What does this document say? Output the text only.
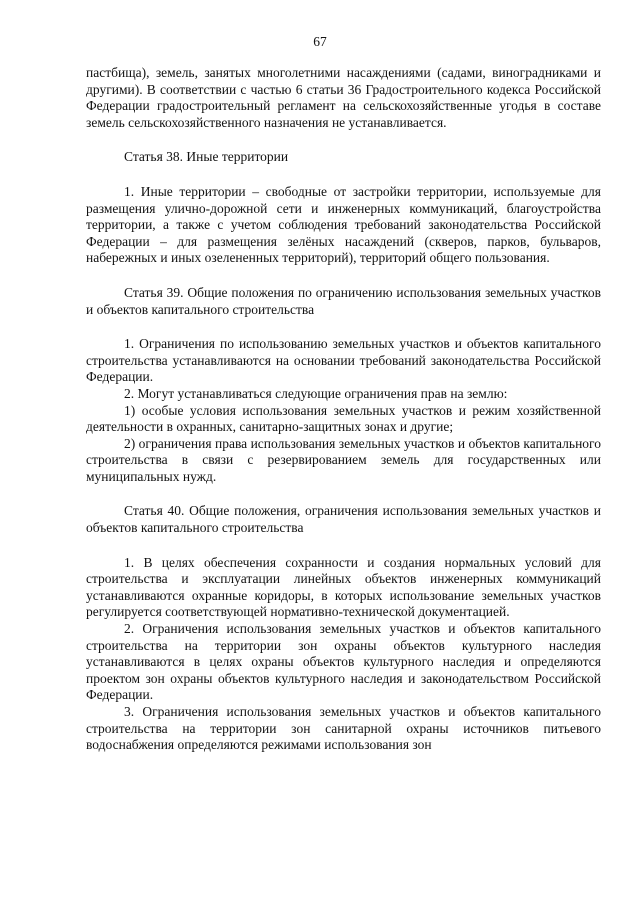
67

пастбища), земель, занятых многолетними насаждениями (садами, виноградниками и другими). В соответствии с частью 6 статьи 36 Градостроительного кодекса Российской Федерации градостроительный регламент на сельскохозяйственные угодья в составе земель сельскохозяйственного назначения не устанавливается.

Статья 38. Иные территории

1. Иные территории – свободные от застройки территории, используемые для размещения улично-дорожной сети и инженерных коммуникаций, благоустройства территории, а также с учетом соблюдения требований законодательства Российской Федерации – для размещения зелёных насаждений (скверов, парков, бульваров, набережных и иных озелененных территорий), территорий общего пользования.

Статья 39. Общие положения по ограничению использования земельных участков и объектов капитального строительства

1. Ограничения по использованию земельных участков и объектов капитального строительства устанавливаются на основании требований законодательства Российской Федерации.

2. Могут устанавливаться следующие ограничения прав на землю:

1) особые условия использования земельных участков и режим хозяйственной деятельности в охранных, санитарно-защитных зонах и другие;

2) ограничения права использования земельных участков и объектов капитального строительства в связи с резервированием земель для государственных или муниципальных нужд.

Статья 40. Общие положения, ограничения использования земельных участков и объектов капитального строительства

1. В целях обеспечения сохранности и создания нормальных условий для строительства и эксплуатации линейных объектов инженерных коммуникаций устанавливаются охранные коридоры, в которых использование земельных участков регулируется соответствующей нормативно-технической документацией.

2. Ограничения использования земельных участков и объектов капитального строительства на территории зон охраны объектов культурного наследия устанавливаются в целях охраны объектов культурного наследия и определяются проектом зон охраны объектов культурного наследия и законодательством Российской Федерации.

3. Ограничения использования земельных участков и объектов капитального строительства на территории зон санитарной охраны источников питьевого водоснабжения определяются режимами использования зон
